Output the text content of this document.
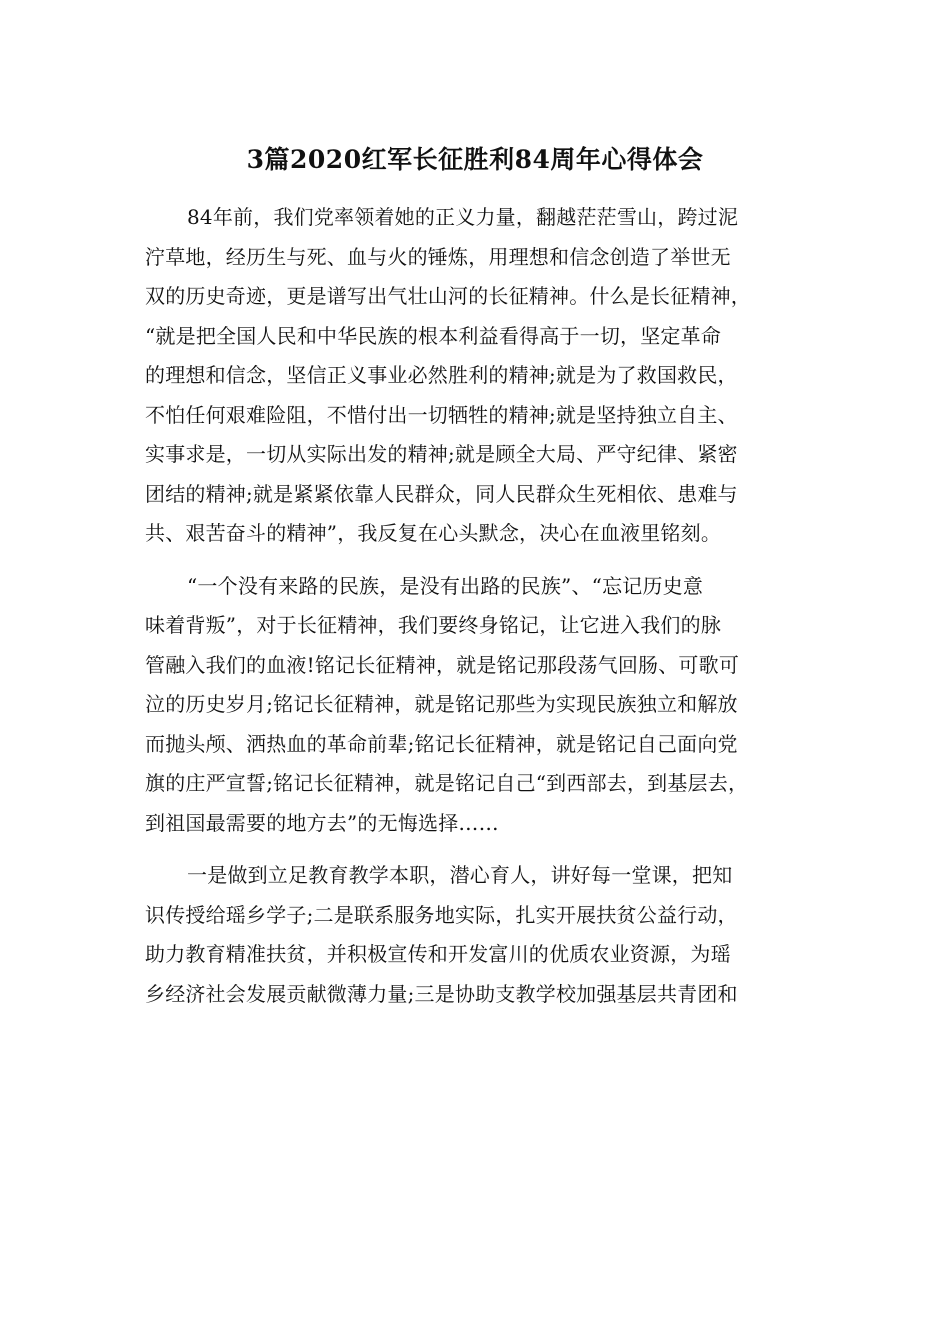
3篇2020红军长征胜利84周年心得体会
84年前，我们党率领着她的正义力量，翻越茫茫雪山，跨过泥
泞草地，经历生与死、血与火的锤炼，用理想和信念创造了举世无
双的历史奇迹，更是谱写出气壮山河的长征精神。什么是长征精神，
“就是把全国人民和中华民族的根本利益看得高于一切，坚定革命
的理想和信念，坚信正义事业必然胜利的精神;就是为了救国救民，
不怕任何艰难险阻，不惜付出一切牺牲的精神;就是坚持独立自主、
实事求是，一切从实际出发的精神;就是顾全大局、严守纪律、紧密
团结的精神;就是紧紧依靠人民群众，同人民群众生死相依、患难与
共、艰苦奋斗的精神”，我反复在心头默念，决心在血液里铭刻。
“一个没有来路的民族，是没有出路的民族”、“忘记历史意
味着背叛”，对于长征精神，我们要终身铭记，让它进入我们的脉
管融入我们的血液!铭记长征精神，就是铭记那段荡气回肠、可歌可
泣的历史岁月;铭记长征精神，就是铭记那些为实现民族独立和解放
而抛头颅、洒热血的革命前辈;铭记长征精神，就是铭记自己面向党
旗的庄严宣誓;铭记长征精神，就是铭记自己“到西部去，到基层去，
到祖国最需要的地方去”的无悔选择……
一是做到立足教育教学本职，潜心育人，讲好每一堂课，把知
识传授给瑶乡学子;二是联系服务地实际，扎实开展扶贫公益行动，
助力教育精准扶贫，并积极宣传和开发富川的优质农业资源，为瑶
乡经济社会发展贡献微薄力量;三是协助支教学校加强基层共青团和
